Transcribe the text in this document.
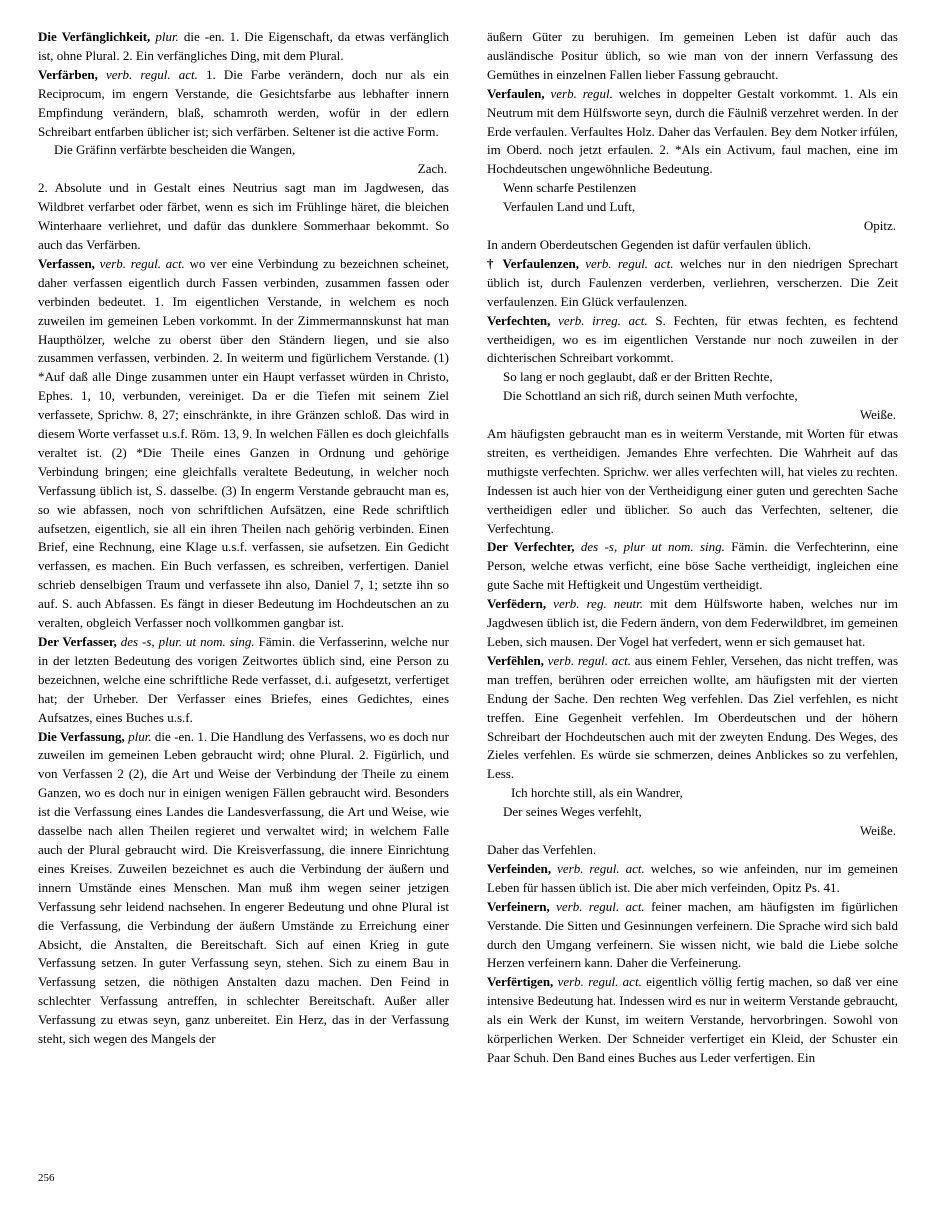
Die Verfänglichkeit, plur. die -en. 1. Die Eigenschaft, da etwas verfänglich ist, ohne Plural. 2. Ein verfängliches Ding, mit dem Plural.

Verfärben, verb. regul. act. 1. Die Farbe verändern, doch nur als ein Reciprocum, im engern Verstande, die Gesichtsfarbe aus lebhafter innern Empfindung verändern, blaß, schamroth werden, wofür in der edlern Schreibart entfarben üblicher ist; sich verfärben. Seltener ist die active Form.

Die Gräfinn verfärbte bescheiden die Wangen,

Zach.

2. Absolute und in Gestalt eines Neutrius sagt man im Jagdwesen, das Wildbret verfarbet oder färbet, wenn es sich im Frühlinge häret, die bleichen Winterhaare verliehret, und dafür das dunklere Sommerhaar bekommt. So auch das Verfärben.

Verfassen, verb. regul. act. wo ver eine Verbindung zu bezeichnen scheinet, daher verfassen eigentlich durch Fassen verbinden, zusammen fassen oder verbinden bedeutet. 1. Im eigentlichen Verstande, in welchem es noch zuweilen im gemeinen Leben vorkommt. In der Zimmermannskunst hat man Haupthölzer, welche zu oberst über den Ständern liegen, und sie also zusammen verfassen, verbinden. 2. In weiterm und figürlichem Verstande. (1) *Auf daß alle Dinge zusammen unter ein Haupt verfasset würden in Christo, Ephes. 1, 10, verbunden, vereiniget. Da er die Tiefen mit seinem Ziel verfassete, Sprichw. 8, 27; einschränkte, in ihre Gränzen schloß. Das wird in diesem Worte verfasset u.s.f. Röm. 13, 9. In welchen Fällen es doch gleichfalls veraltet ist. (2) *Die Theile eines Ganzen in Ordnung und gehörige Verbindung bringen; eine gleichfalls veraltete Bedeutung, in welcher noch Verfassung üblich ist, S. dasselbe. (3) In engerm Verstande gebraucht man es, so wie abfassen, noch von schriftlichen Aufsätzen, eine Rede schriftlich aufsetzen, eigentlich, sie all ein ihren Theilen nach gehörig verbinden. Einen Brief, eine Rechnung, eine Klage u.s.f. verfassen, sie aufsetzen. Ein Gedicht verfassen, es machen. Ein Buch verfassen, es schreiben, verfertigen. Daniel schrieb denselbigen Traum und verfassete ihn also, Daniel 7, 1; setzte ihn so auf. S. auch Abfassen. Es fängt in dieser Bedeutung im Hochdeutschen an zu veralten, obgleich Verfasser noch vollkommen gangbar ist.

Der Verfasser, des -s, plur. ut nom. sing. Fämin. die Verfasserinn, welche nur in der letzten Bedeutung des vorigen Zeitwortes üblich sind, eine Person zu bezeichnen, welche eine schriftliche Rede verfasset, d.i. aufgesetzt, verfertiget hat; der Urheber. Der Verfasser eines Briefes, eines Gedichtes, eines Aufsatzes, eines Buches u.s.f.

Die Verfassung, plur. die -en. 1. Die Handlung des Verfassens, wo es doch nur zuweilen im gemeinen Leben gebraucht wird; ohne Plural. 2. Figürlich, und von Verfassen 2 (2), die Art und Weise der Verbindung der Theile zu einem Ganzen, wo es doch nur in einigen wenigen Fällen gebraucht wird. Besonders ist die Verfassung eines Landes die Landesverfassung, die Art und Weise, wie dasselbe nach allen Theilen regieret und verwaltet wird; in welchem Falle auch der Plural gebraucht wird. Die Kreisverfassung, die innere Einrichtung eines Kreises. Zuweilen bezeichnet es auch die Verbindung der äußern und innern Umstände eines Menschen. Man muß ihm wegen seiner jetzigen Verfassung sehr leidend nachsehen. In engerer Bedeutung und ohne Plural ist die Verfassung, die Verbindung der äußern Umstände zu Erreichung einer Absicht, die Anstalten, die Bereitschaft. Sich auf einen Krieg in gute Verfassung setzen. In guter Verfassung seyn, stehen. Sich zu einem Bau in Verfassung setzen, die nöthigen Anstalten dazu machen. Den Feind in schlechter Verfassung antreffen, in schlechter Bereitschaft. Außer aller Verfassung zu etwas seyn, ganz unbereitet. Ein Herz, das in der Verfassung steht, sich wegen des Mangels der

äußern Güter zu beruhigen. Im gemeinen Leben ist dafür auch das ausländische Positur üblich, so wie man von der innern Verfassung des Gemüthes in einzelnen Fallen lieber Fassung gebraucht.

Verfaulen, verb. regul. welches in doppelter Gestalt vorkommt. 1. Als ein Neutrum mit dem Hülfsworte seyn, durch die Fäulniß verzehret werden. In der Erde verfaulen. Verfaultes Holz. Daher das Verfaulen. Bey dem Notker irfúlen, im Oberd. noch jetzt erfaulen. 2. *Als ein Activum, faul machen, eine im Hochdeutschen ungewöhnliche Bedeutung.

Wenn scharfe Pestilenzen

Verfaulen Land und Luft,

Opitz.

In andern Oberdeutschen Gegenden ist dafür verfaulen üblich.

† Verfaulenzen, verb. regul. act. welches nur in den niedrigen Sprechart üblich ist, durch Faulenzen verderben, verliehren, verscherzen. Die Zeit verfaulenzen. Ein Glück verfaulenzen.

Verfechten, verb. irreg. act. S. Fechten, für etwas fechten, es fechtend vertheidigen, wo es im eigentlichen Verstande nur noch zuweilen in der dichterischen Schreibart vorkommt.

So lang er noch geglaubt, daß er der Britten Rechte,

Die Schottland an sich riß, durch seinen Muth verfochte,

Weiße.

Am häufigsten gebraucht man es in weiterm Verstande, mit Worten für etwas streiten, es vertheidigen. Jemandes Ehre verfechten. Die Wahrheit auf das muthigste verfechten. Sprichw. wer alles verfechten will, hat vieles zu rechten. Indessen ist auch hier von der Vertheidigung einer guten und gerechten Sache vertheidigen edler und üblicher. So auch das Verfechten, seltener, die Verfechtung.

Der Verfechter, des -s, plur ut nom. sing. Fämin. die Verfechterinn, eine Person, welche etwas verficht, eine böse Sache vertheidigt, ingleichen eine gute Sache mit Heftigkeit und Ungestüm vertheidigt.

Verfëdern, verb. reg. neutr. mit dem Hülfsworte haben, welches nur im Jagdwesen üblich ist, die Federn ändern, von dem Federwildbret, im gemeinen Leben, sich mausen. Der Vogel hat verfedert, wenn er sich gemauset hat.

Verfëhlen, verb. regul. act. aus einem Fehler, Versehen, das nicht treffen, was man treffen, berühren oder erreichen wollte, am häufigsten mit der vierten Endung der Sache. Den rechten Weg verfehlen. Das Ziel verfehlen, es nicht treffen. Eine Gegenheit verfehlen. Im Oberdeutschen und der höhern Schreibart der Hochdeutschen auch mit der zweyten Endung. Des Weges, des Zieles verfehlen. Es würde sie schmerzen, deines Anblickes so zu verfehlen, Less.

Ich horchte still, als ein Wandrer,

Der seines Weges verfehlt,

Weiße.

Daher das Verfehlen.

Verfeinden, verb. regul. act. welches, so wie anfeinden, nur im gemeinen Leben für hassen üblich ist. Die aber mich verfeinden, Opitz Ps. 41.

Verfeinern, verb. regul. act. feiner machen, am häufigsten im figürlichen Verstande. Die Sitten und Gesinnungen verfeinern. Die Sprache wird sich bald durch den Umgang verfeinern. Sie wissen nicht, wie bald die Liebe solche Herzen verfeinern kann. Daher die Verfeinerung.

Verfërtigen, verb. regul. act. eigentlich völlig fertig machen, so daß ver eine intensive Bedeutung hat. Indessen wird es nur in weiterm Verstande gebraucht, als ein Werk der Kunst, im weitern Verstande, hervorbringen. Sowohl von körperlichen Werken. Der Schneider verfertiget ein Kleid, der Schuster ein Paar Schuh. Den Band eines Buches aus Leder verfertigen. Ein

256
